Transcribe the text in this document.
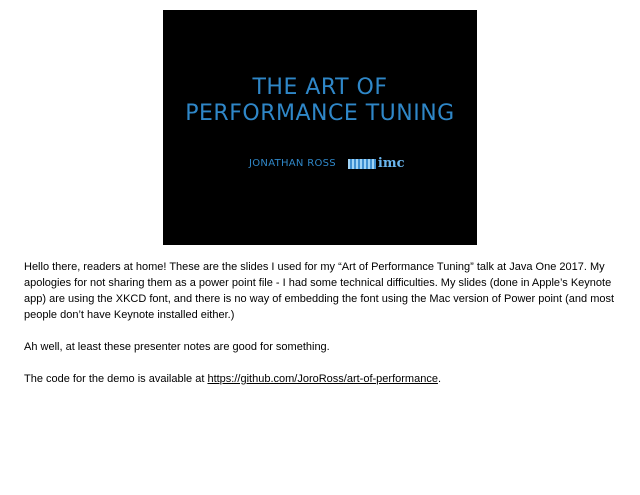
THE ART OF
PERFORMANCE TUNING
JONATHAN ROSS	imc

Hello there, readers at home! These are the slides I used for my “Art of Performance Tuning” talk at Java One 2017. My apologies for not sharing them as a power point file - I had some technical difficulties. My slides (done in Apple’s Keynote app) are using the XKCD font, and there is no way of embedding the font using the Mac version of Power point (and most people don’t have Keynote installed either.)

Ah well, at least these presenter notes are good for something.

The code for the demo is available at https://github.com/JoroRoss/art-of-performance.
